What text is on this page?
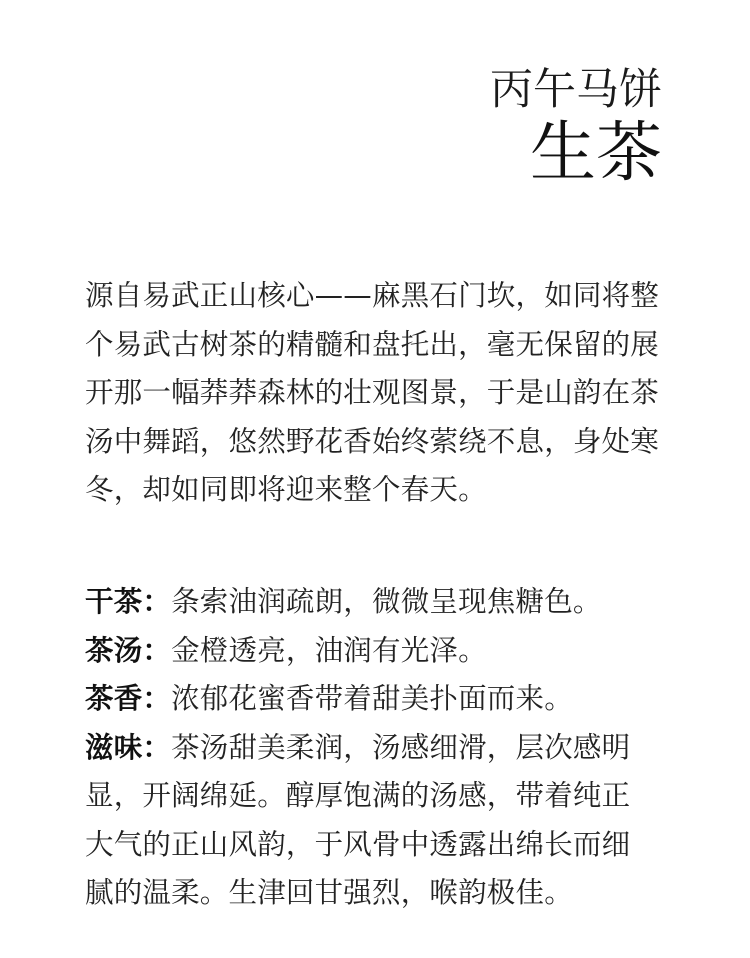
丙午马饼
生茶
源自易武正山核心——麻黑石门坎，如同将整个易武古树茶的精髓和盘托出，毫无保留的展开那一幅莽莽森林的壮观图景，于是山韵在茶汤中舞蹈，悠然野花香始终萦绕不息，身处寒冬，却如同即将迎来整个春天。

干茶：条索油润疏朗，微微呈现焦糖色。

茶汤：金橙透亮，油润有光泽。

茶香：浓郁花蜜香带着甜美扑面而来。

滋味：茶汤甜美柔润，汤感细滑，层次感明显，开阔绵延。醇厚饱满的汤感，带着纯正大气的正山风韵，于风骨中透露出绵长而细腻的温柔。生津回甘强烈，喉韵极佳。
